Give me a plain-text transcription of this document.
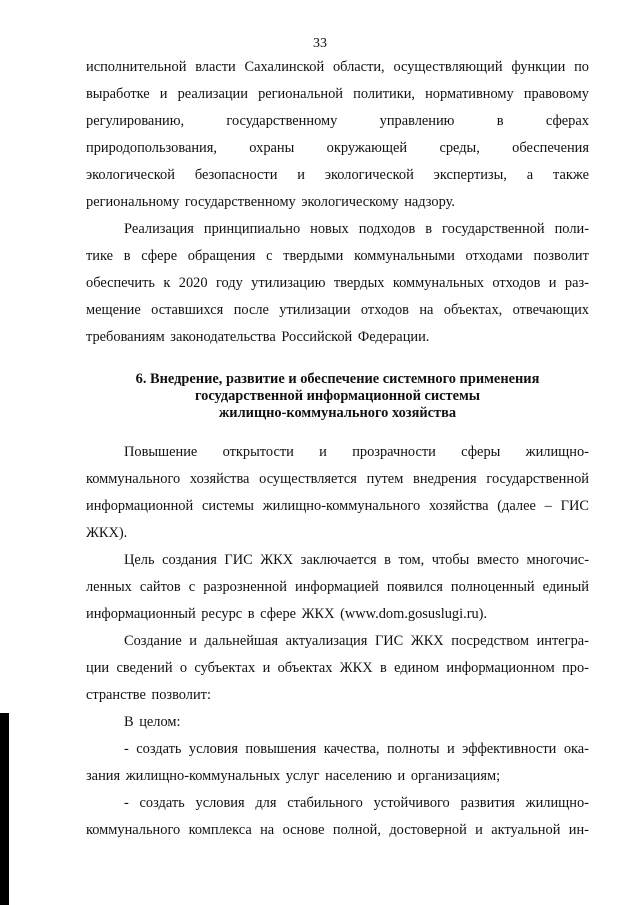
33
исполнительной власти Сахалинской области, осуществляющий функции по
выработке и реализации региональной политики, нормативному правовому
регулированию,	государственному	управлению	в	сферах
природопользования, охраны окружающей среды, обеспечения
экологической безопасности и экологической экспертизы, а также
региональному государственному экологическому надзору.
Реализация принципиально новых подходов в государственной поли-
тике в сфере обращения с твердыми коммунальными отходами позволит
обеспечить к 2020 году утилизацию твердых коммунальных отходов и раз-
мещение оставшихся после утилизации отходов на объектах, отвечающих
требованиям законодательства Российской Федерации.
6. Внедрение, развитие и обеспечение системного применения
государственной информационной системы
жилищно-коммунального хозяйства
Повышение открытости и прозрачности сферы жилищно-
коммунального хозяйства осуществляется путем внедрения государственной
информационной системы жилищно-коммунального хозяйства (далее – ГИС
ЖКХ).
Цель создания ГИС ЖКХ заключается в том, чтобы вместо многочис-
ленных сайтов с разрозненной информацией появился полноценный единый
информационный ресурс в сфере ЖКХ (www.dom.gosuslugi.ru).
Создание и дальнейшая актуализация ГИС ЖКХ посредством интегра-
ции сведений о субъектах и объектах ЖКХ в едином информационном про-
странстве позволит:
В целом:
- создать условия повышения качества, полноты и эффективности ока-
зания жилищно-коммунальных услуг населению и организациям;
- создать условия для стабильного устойчивого развития жилищно-
коммунального комплекса на основе полной, достоверной и актуальной ин-
